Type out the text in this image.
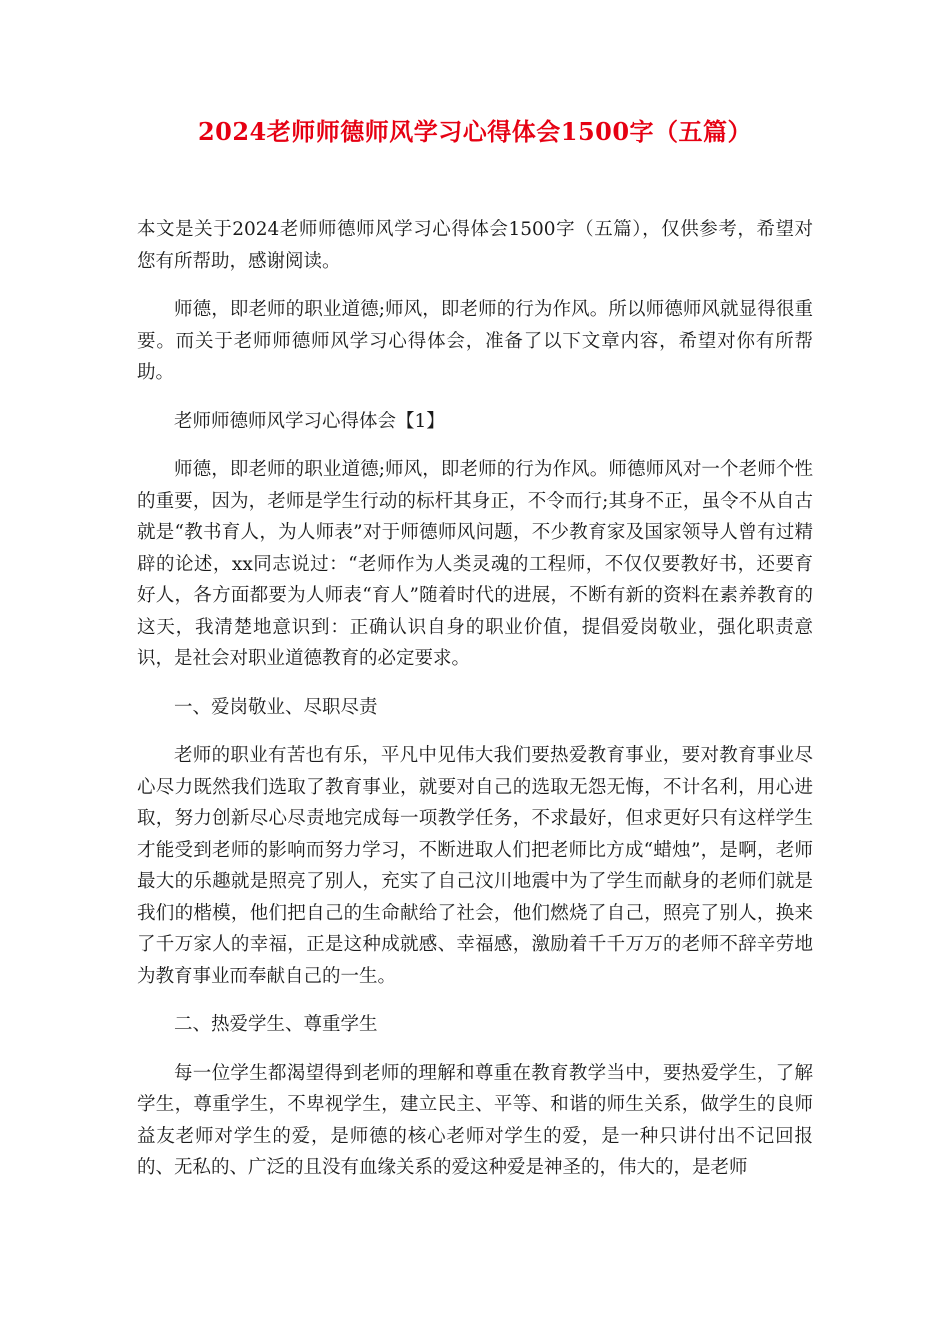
2024老师师德师风学习心得体会1500字（五篇）

本文是关于2024老师师德师风学习心得体会1500字（五篇），仅供参考，希望对您有所帮助，感谢阅读。

师德，即老师的职业道德;师风，即老师的行为作风。所以师德师风就显得很重要。而关于老师师德师风学习心得体会，准备了以下文章内容，希望对你有所帮助。

老师师德师风学习心得体会【1】

师德，即老师的职业道德;师风，即老师的行为作风。师德师风对一个老师个性的重要，因为，老师是学生行动的标杆其身正，不令而行;其身不正，虽令不从自古就是“教书育人，为人师表”对于师德师风问题，不少教育家及国家领导人曾有过精辟的论述，xx同志说过：“老师作为人类灵魂的工程师，不仅仅要教好书，还要育好人，各方面都要为人师表“育人”随着时代的进展，不断有新的资料在素养教育的这天，我清楚地意识到：正确认识自身的职业价值，提倡爱岗敬业，强化职责意识，是社会对职业道德教育的必定要求。

一、爱岗敬业、尽职尽责

老师的职业有苦也有乐，平凡中见伟大我们要热爱教育事业，要对教育事业尽心尽力既然我们选取了教育事业，就要对自己的选取无怨无悔，不计名利，用心进取，努力创新尽心尽责地完成每一项教学任务，不求最好，但求更好只有这样学生才能受到老师的影响而努力学习，不断进取人们把老师比方成“蜡烛”，是啊，老师最大的乐趣就是照亮了别人，充实了自己汶川地震中为了学生而献身的老师们就是我们的楷模，他们把自己的生命献给了社会，他们燃烧了自己，照亮了别人，换来了千万家人的幸福，正是这种成就感、幸福感，激励着千千万万的老师不辞辛劳地为教育事业而奉献自己的一生。

二、热爱学生、尊重学生

每一位学生都渴望得到老师的理解和尊重在教育教学当中，要热爱学生，了解学生，尊重学生，不卑视学生，建立民主、平等、和谐的师生关系，做学生的良师益友老师对学生的爱，是师德的核心老师对学生的爱，是一种只讲付出不记回报的、无私的、广泛的且没有血缘关系的爱这种爱是神圣的，伟大的，是老师
